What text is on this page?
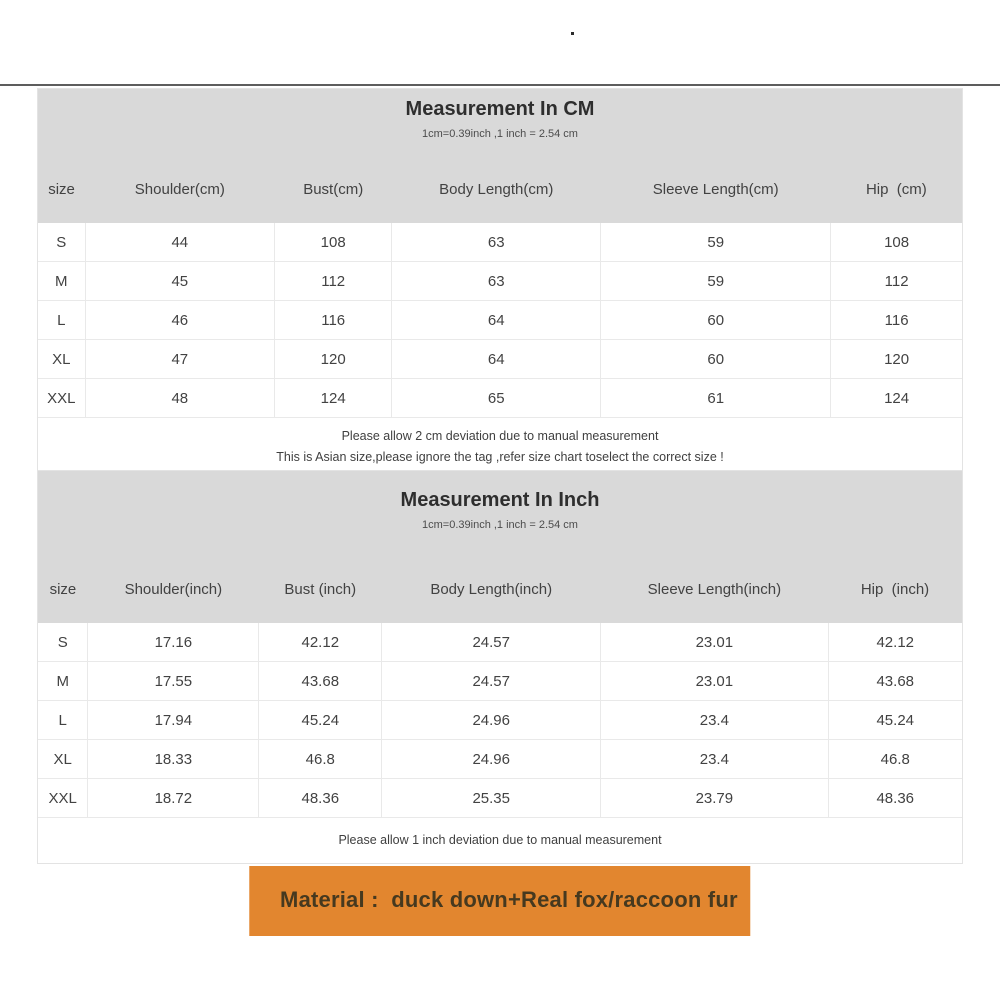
Measurement In CM

1cm=0.39inch ,1 inch = 2.54 cm

size	Shoulder(cm)	Bust(cm)	Body Length(cm)	Sleeve Length(cm)	Hip  (cm)
S	44	108	63	59	108
M	45	112	63	59	112
L	46	116	64	60	116
XL	47	120	64	60	120
XXL	48	124	65	61	124
Please allow 2 cm deviation due to manual measurement
This is Asian size,please ignore the tag ,refer size chart toselect the correct size !
Measurement In Inch

1cm=0.39inch ,1 inch = 2.54 cm

size	Shoulder(inch)	Bust (inch)	Body Length(inch)	Sleeve Length(inch)	Hip  (inch)
S	17.16	42.12	24.57	23.01	42.12
M	17.55	43.68	24.57	23.01	43.68
L	17.94	45.24	24.96	23.4	45.24
XL	18.33	46.8	24.96	23.4	46.8
XXL	18.72	48.36	25.35	23.79	48.36
Please allow 1 inch deviation due to manual measurement

Material :  duck down+Real fox/raccoon fur
